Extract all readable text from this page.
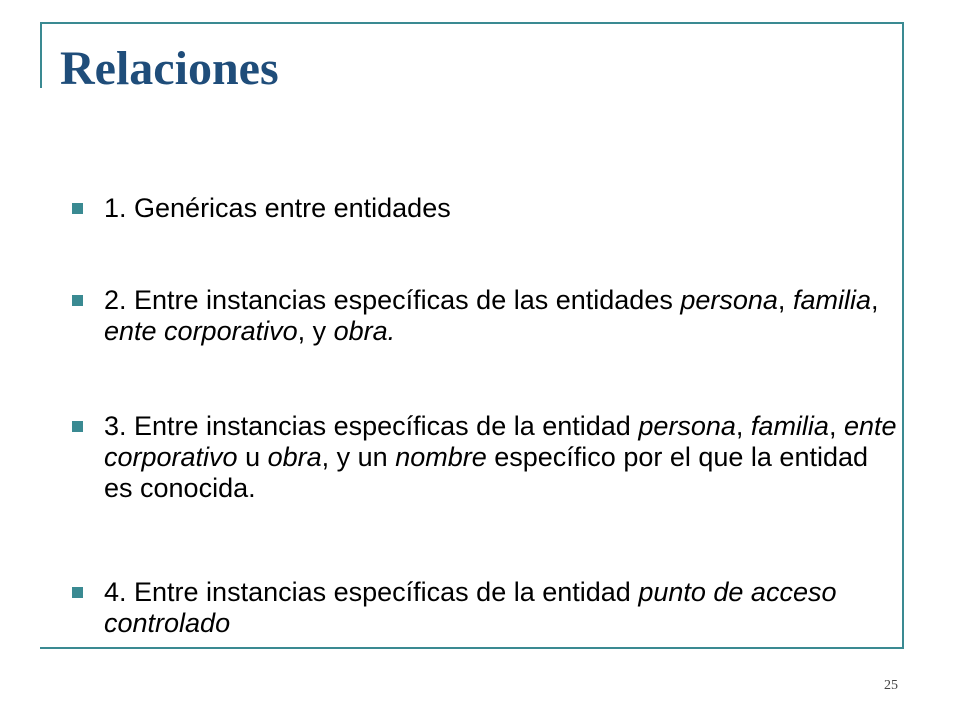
Relaciones
1. Genéricas entre entidades
2. Entre instancias específicas de las entidades persona, familia, ente corporativo, y obra.
3. Entre instancias específicas de la entidad persona, familia, ente corporativo u obra, y un nombre específico por el que la entidad es conocida.
4. Entre instancias específicas de la entidad punto de acceso controlado
25
